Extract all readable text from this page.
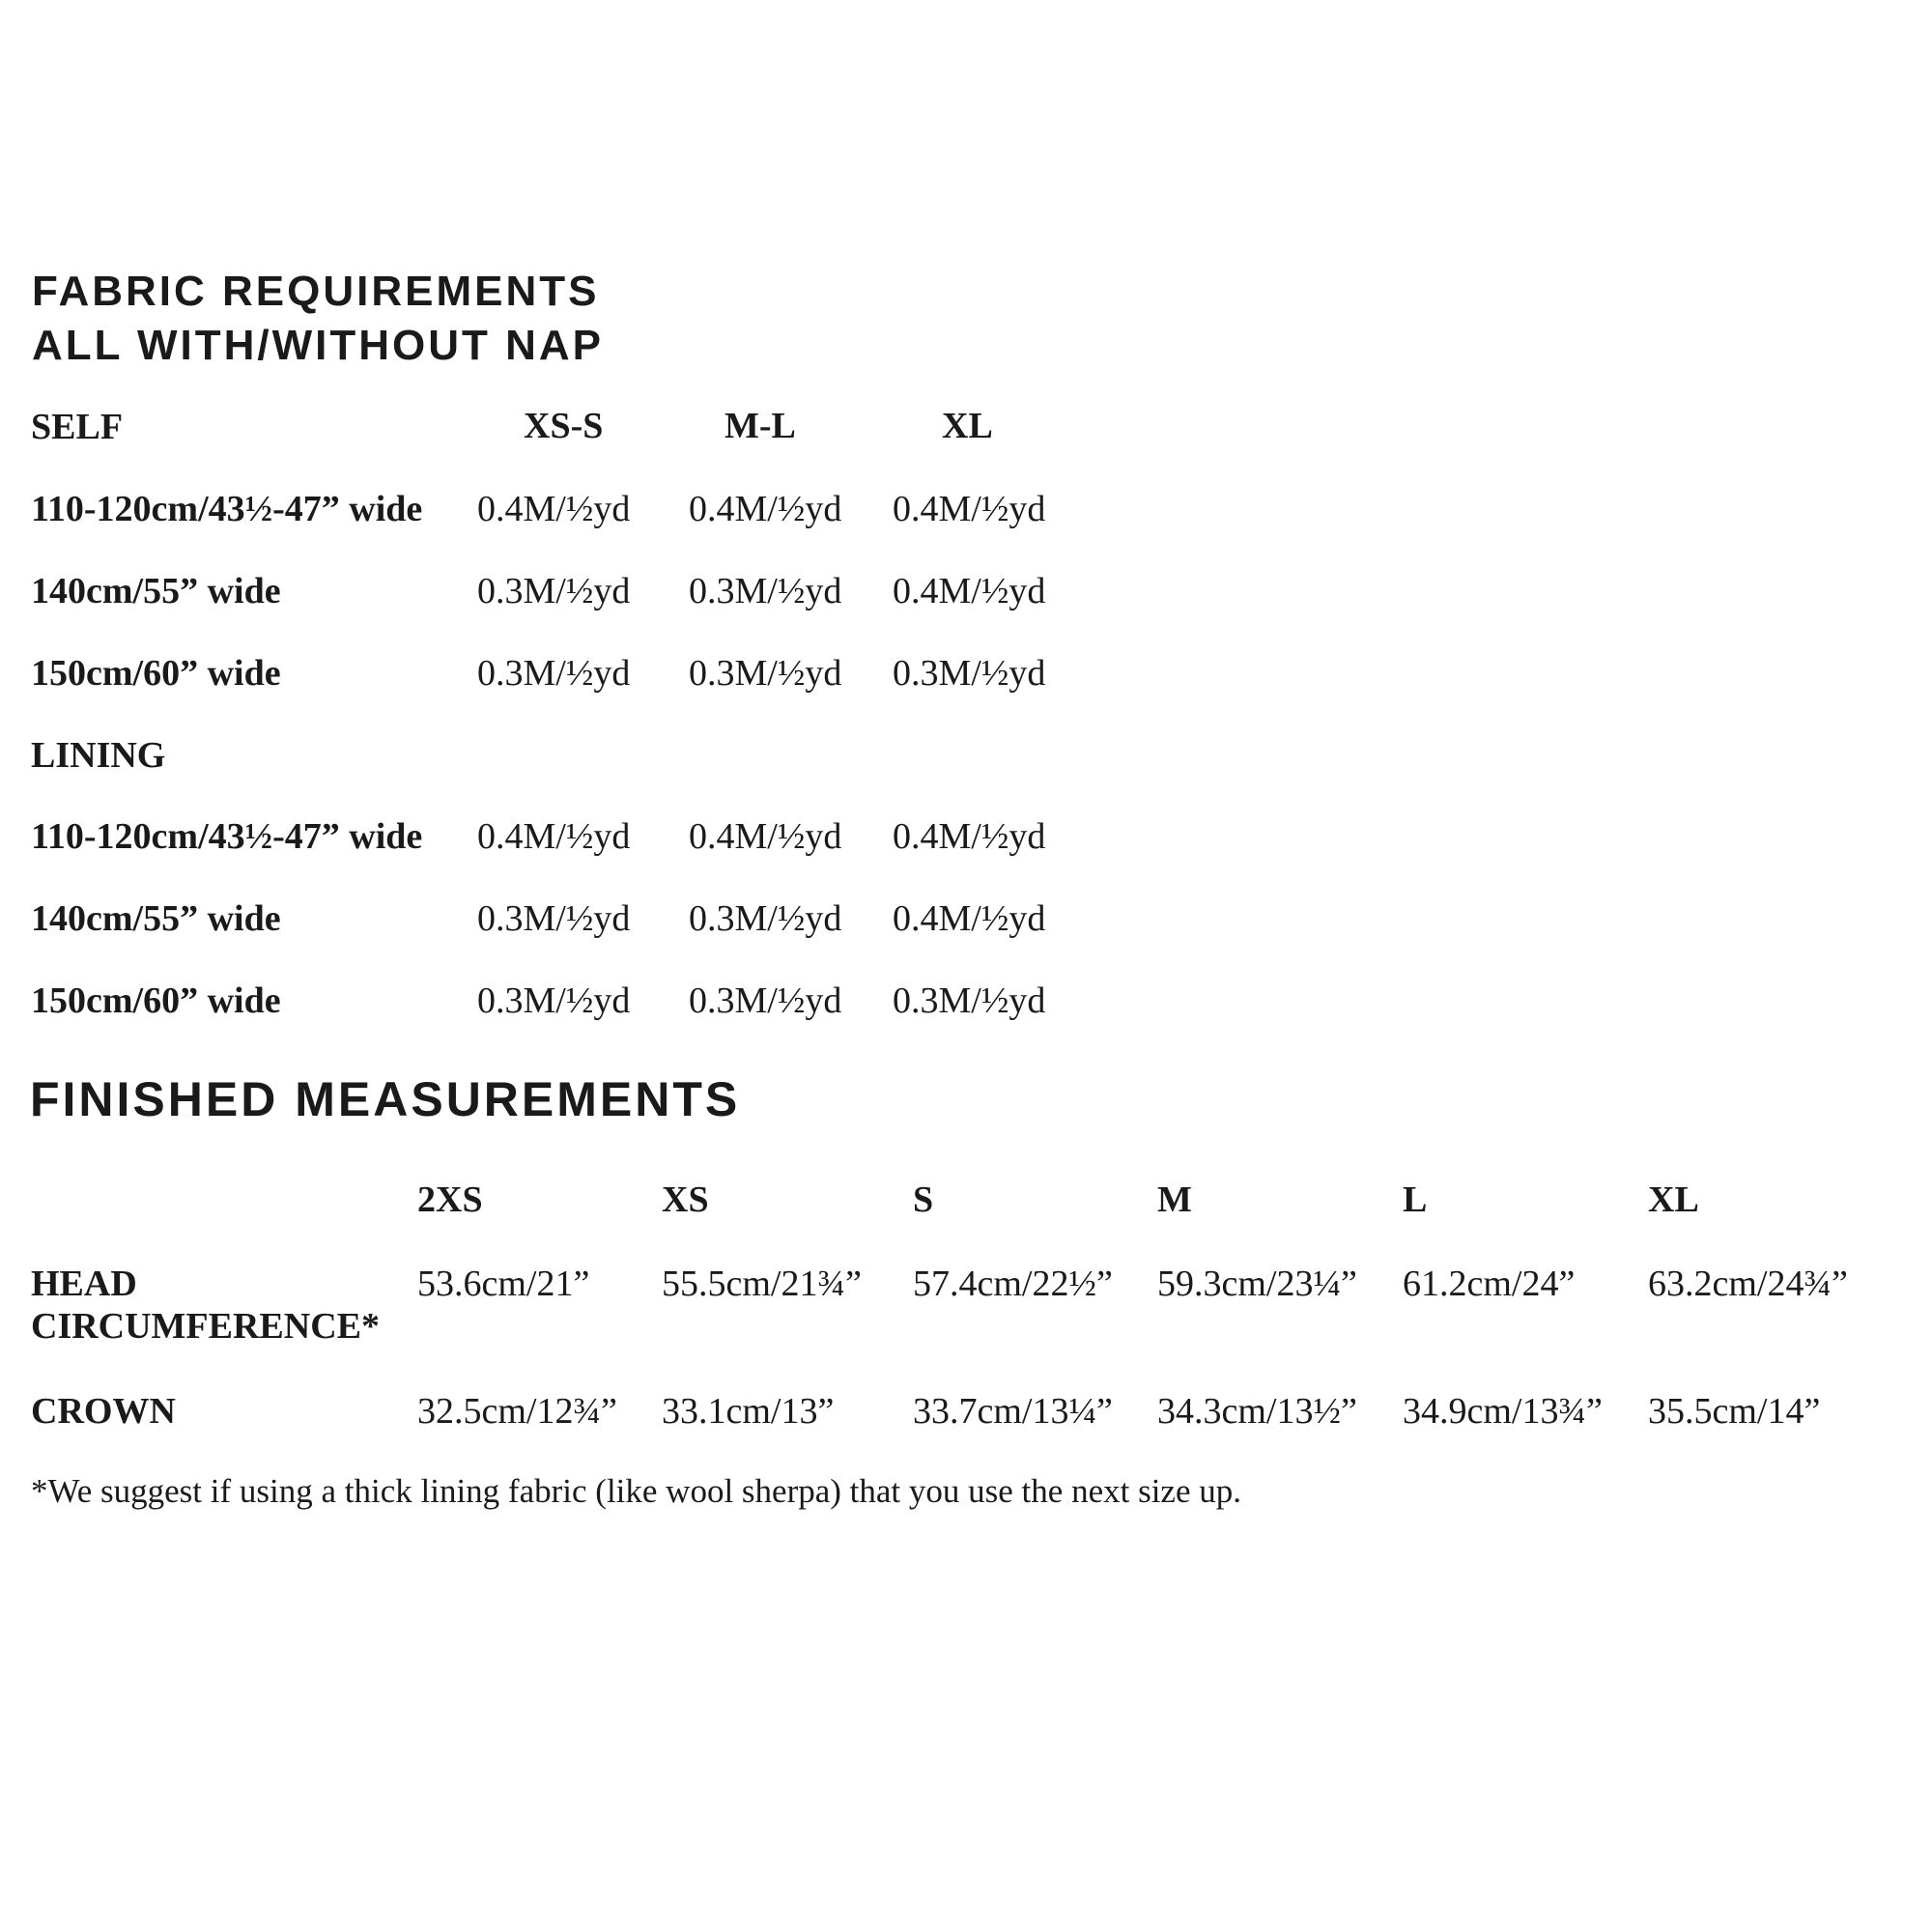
FABRIC REQUIREMENTS
ALL WITH/WITHOUT NAP
SELF	XS-S	M-L	XL
110-120cm/43½-47” wide 0.4M/½yd 0.4M/½yd 0.4M/½yd
140cm/55” wide	0.3M/½yd 0.3M/½yd 0.4M/½yd
150cm/60” wide	0.3M/½yd 0.3M/½yd 0.3M/½yd
LINING
110-120cm/43½-47” wide 0.4M/½yd 0.4M/½yd 0.4M/½yd
140cm/55” wide	0.3M/½yd 0.3M/½yd 0.4M/½yd
150cm/60” wide	0.3M/½yd 0.3M/½yd 0.3M/½yd
FINISHED MEASUREMENTS
2XS	XS	S	M	L	XL
HEAD
CIRCUMFERENCE*
53.6cm/21” 55.5cm/21¾” 57.4cm/22½” 59.3cm/23¼” 61.2cm/24” 63.2cm/24¾”
CROWN	32.5cm/12¾” 33.1cm/13” 33.7cm/13¼” 34.3cm/13½” 34.9cm/13¾” 35.5cm/14”
*We suggest if using a thick lining fabric (like wool sherpa) that you use the next size up.
